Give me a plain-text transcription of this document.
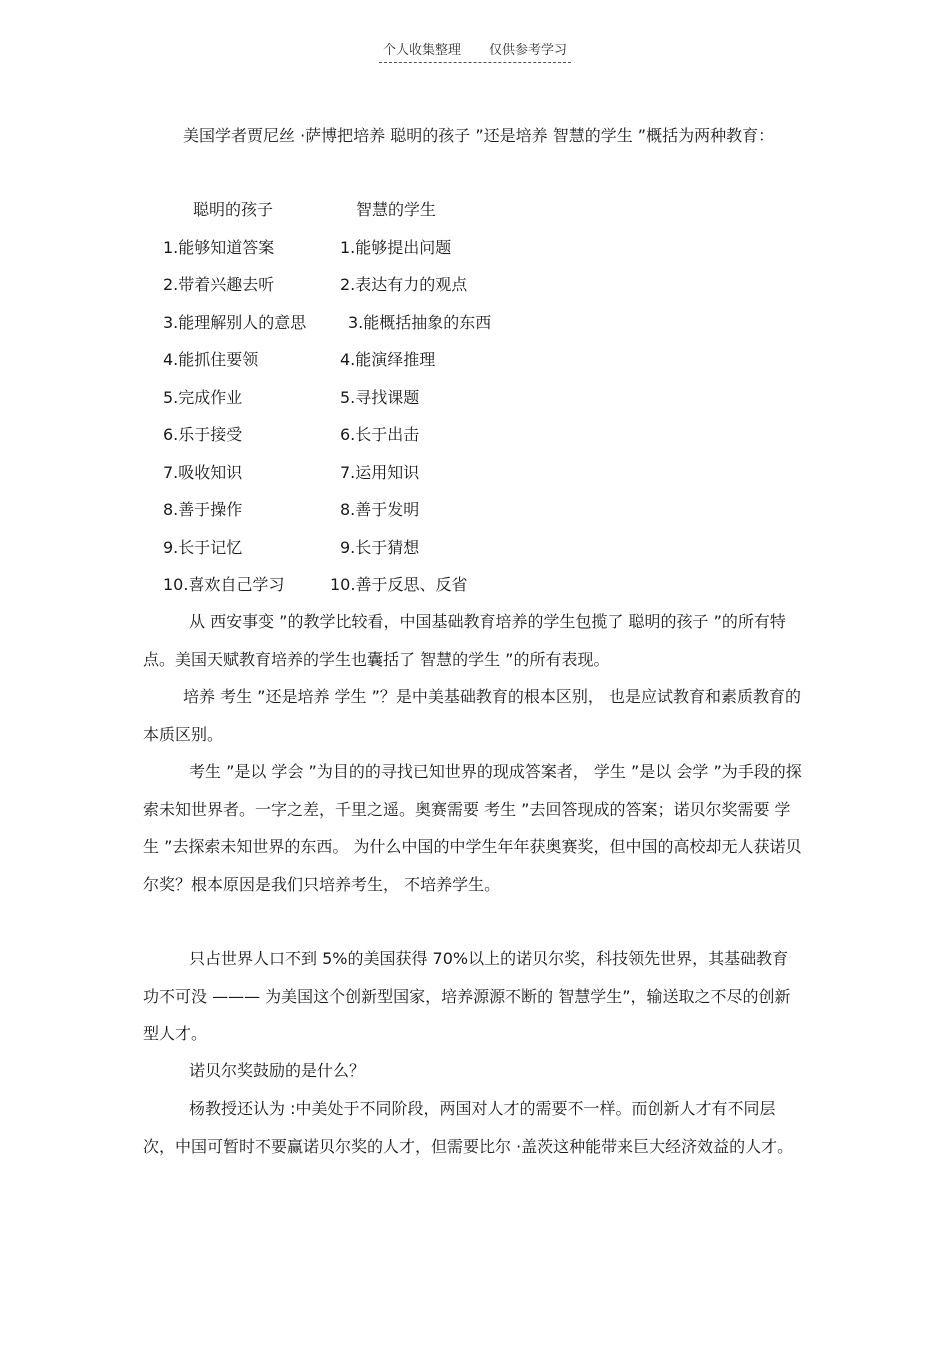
个人收集整理 仅供参考学习

美国学者贾尼丝 ·萨博把培养 聪明的孩子 ”还是培养 智慧的学生 ”概括为两种教育：

聪明的孩子	智慧的学生
1.能够知道答案	1.能够提出问题
2.带着兴趣去听	2.表达有力的观点
3.能理解别人的意思	3.能概括抽象的东西
4.能抓住要领	4.能演绎推理
5.完成作业	5.寻找课题
6.乐于接受	6.长于出击
7.吸收知识	7.运用知识
8.善于操作	8.善于发明
9.长于记忆	9.长于猜想
10.喜欢自己学习	10.善于反思、反省

从 西安事变 ”的教学比较看，中国基础教育培养的学生包揽了 聪明的孩子 ”的所有特点。美国天赋教育培养的学生也囊括了 智慧的学生 ”的所有表现。

培养 考生 ”还是培养 学生 ”？是中美基础教育的根本区别， 也是应试教育和素质教育的本质区别。

考生 ”是以 学会 ”为目的的寻找已知世界的现成答案者， 学生 ”是以 会学 ”为手段的探索未知世界者。一字之差，千里之遥。奥赛需要 考生 ”去回答现成的答案；诺贝尔奖需要 学生 ”去探索未知世界的东西。 为什么中国的中学生年年获奥赛奖，但中国的高校却无人获诺贝尔奖？根本原因是我们只培养考生， 不培养学生。

只占世界人口不到 5%的美国获得 70%以上的诺贝尔奖，科技领先世界，其基础教育功不可没 ——— 为美国这个创新型国家，培养源源不断的 智慧学生”，输送取之不尽的创新型人才。

诺贝尔奖鼓励的是什么？

杨教授还认为 :中美处于不同阶段，两国对人才的需要不一样。而创新人才有不同层次，中国可暂时不要赢诺贝尔奖的人才，但需要比尔 ·盖茨这种能带来巨大经济效益的人才。
